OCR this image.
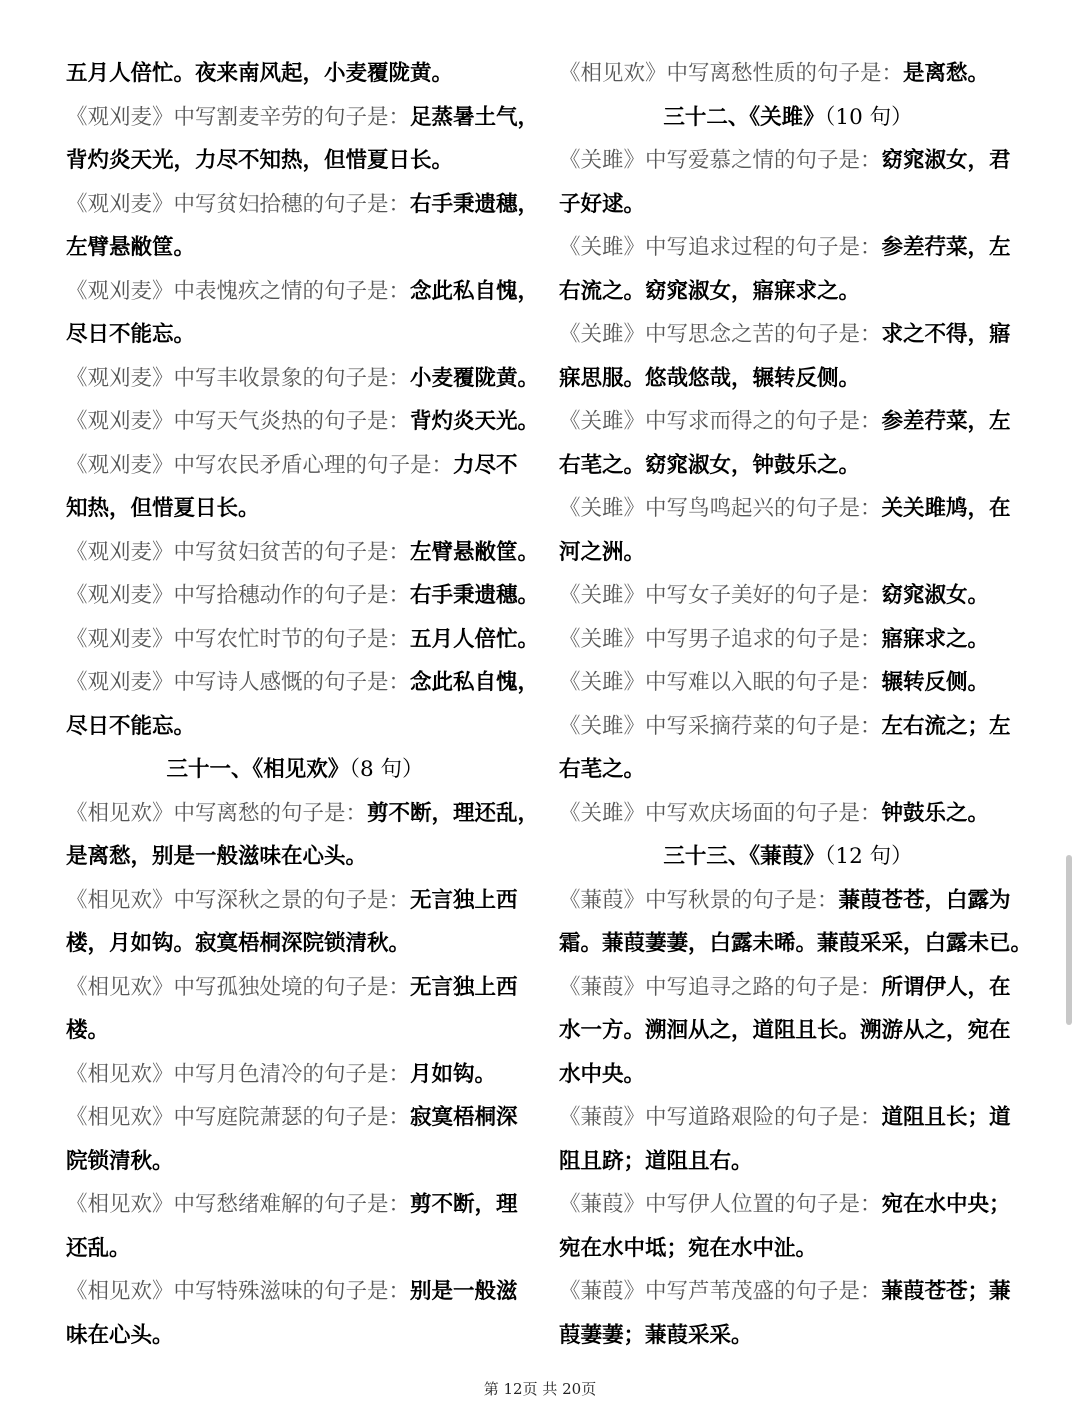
五月人倍忙。夜来南风起，小麦覆陇黄。
《观刈麦》中写割麦辛劳的句子是：足蒸暑土气，
背灼炎天光，力尽不知热，但惜夏日长。
《观刈麦》中写贫妇拾穗的句子是：右手秉遗穗，
左臂悬敝筐。
《观刈麦》中表愧疚之情的句子是：念此私自愧，
尽日不能忘。
《观刈麦》中写丰收景象的句子是：小麦覆陇黄。
《观刈麦》中写天气炎热的句子是：背灼炎天光。
《观刈麦》中写农民矛盾心理的句子是：力尽不
知热，但惜夏日长。
《观刈麦》中写贫妇贫苦的句子是：左臂悬敝筐。
《观刈麦》中写拾穗动作的句子是：右手秉遗穗。
《观刈麦》中写农忙时节的句子是：五月人倍忙。
《观刈麦》中写诗人感慨的句子是：念此私自愧，
尽日不能忘。
三十一、《相见欢》（8 句）
《相见欢》中写离愁的句子是：剪不断，理还乱，
是离愁，别是一般滋味在心头。
《相见欢》中写深秋之景的句子是：无言独上西
楼，月如钩。寂寞梧桐深院锁清秋。
《相见欢》中写孤独处境的句子是：无言独上西
楼。
《相见欢》中写月色清冷的句子是：月如钩。
《相见欢》中写庭院萧瑟的句子是：寂寞梧桐深
院锁清秋。
《相见欢》中写愁绪难解的句子是：剪不断，理
还乱。
《相见欢》中写特殊滋味的句子是：别是一般滋
味在心头。
《相见欢》中写离愁性质的句子是：是离愁。
三十二、《关雎》（10 句）
《关雎》中写爱慕之情的句子是：窈窕淑女，君
子好逑。
《关雎》中写追求过程的句子是：参差荇菜，左
右流之。窈窕淑女，寤寐求之。
《关雎》中写思念之苦的句子是：求之不得，寤
寐思服。悠哉悠哉，辗转反侧。
《关雎》中写求而得之的句子是：参差荇菜，左
右芼之。窈窕淑女，钟鼓乐之。
《关雎》中写鸟鸣起兴的句子是：关关雎鸠，在
河之洲。
《关雎》中写女子美好的句子是：窈窕淑女。
《关雎》中写男子追求的句子是：寤寐求之。
《关雎》中写难以入眠的句子是：辗转反侧。
《关雎》中写采摘荇菜的句子是：左右流之；左
右芼之。
《关雎》中写欢庆场面的句子是：钟鼓乐之。
三十三、《蒹葭》（12 句）
《蒹葭》中写秋景的句子是：蒹葭苍苍，白露为
霜。蒹葭萋萋，白露未晞。蒹葭采采，白露未已。
《蒹葭》中写追寻之路的句子是：所谓伊人，在
水一方。溯洄从之，道阻且长。溯游从之，宛在
水中央。
《蒹葭》中写道路艰险的句子是：道阻且长；道
阻且跻；道阻且右。
《蒹葭》中写伊人位置的句子是：宛在水中央；
宛在水中坻；宛在水中沚。
《蒹葭》中写芦苇茂盛的句子是：蒹葭苍苍；蒹
葭萋萋；蒹葭采采。
第 12页 共 20页
